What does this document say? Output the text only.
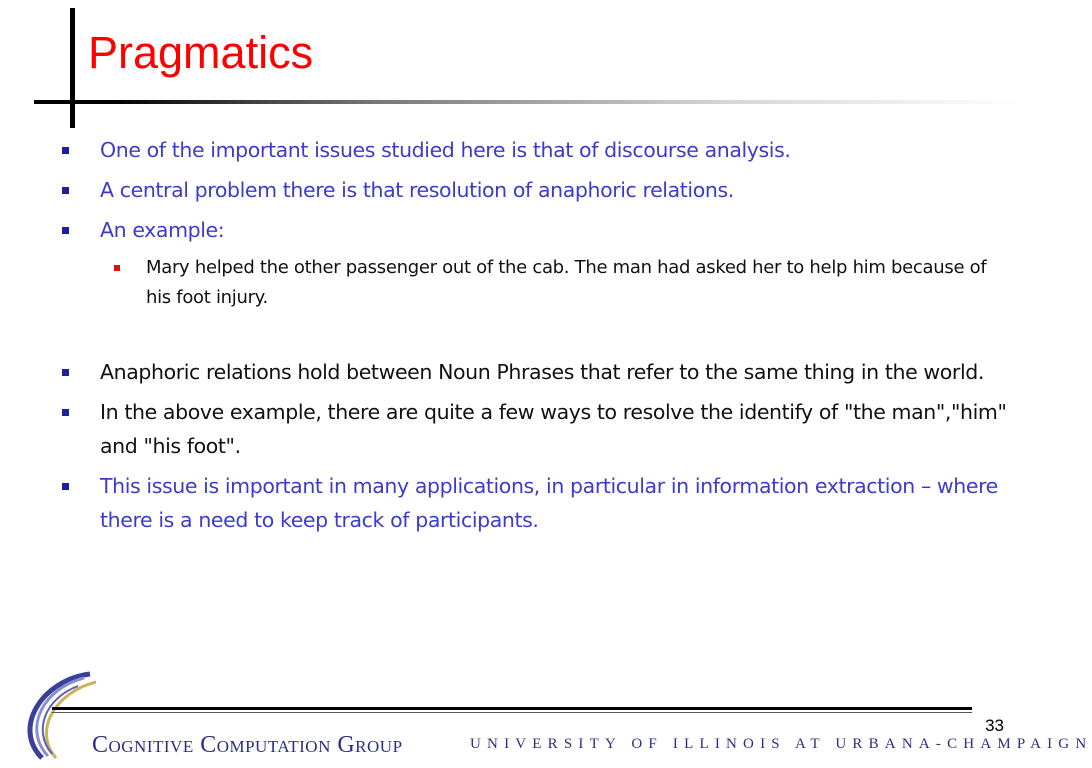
Pragmatics
One of the important issues studied here is that of discourse analysis.
A central problem there is that resolution of anaphoric relations.
An example:
Mary helped the other passenger out of the cab. The man had asked her to help him because of his foot injury.
Anaphoric relations hold between Noun Phrases that refer to the same thing in the world.
In the above example, there are quite a few ways to resolve the identify of "the man","him" and "his foot".
This issue is important in many applications, in particular in information extraction – where there is a need to keep track of participants.
33
Cognitive Computation Group	UNIVERSITY OF ILLINOIS AT URBANA-CHAMPAIGN
